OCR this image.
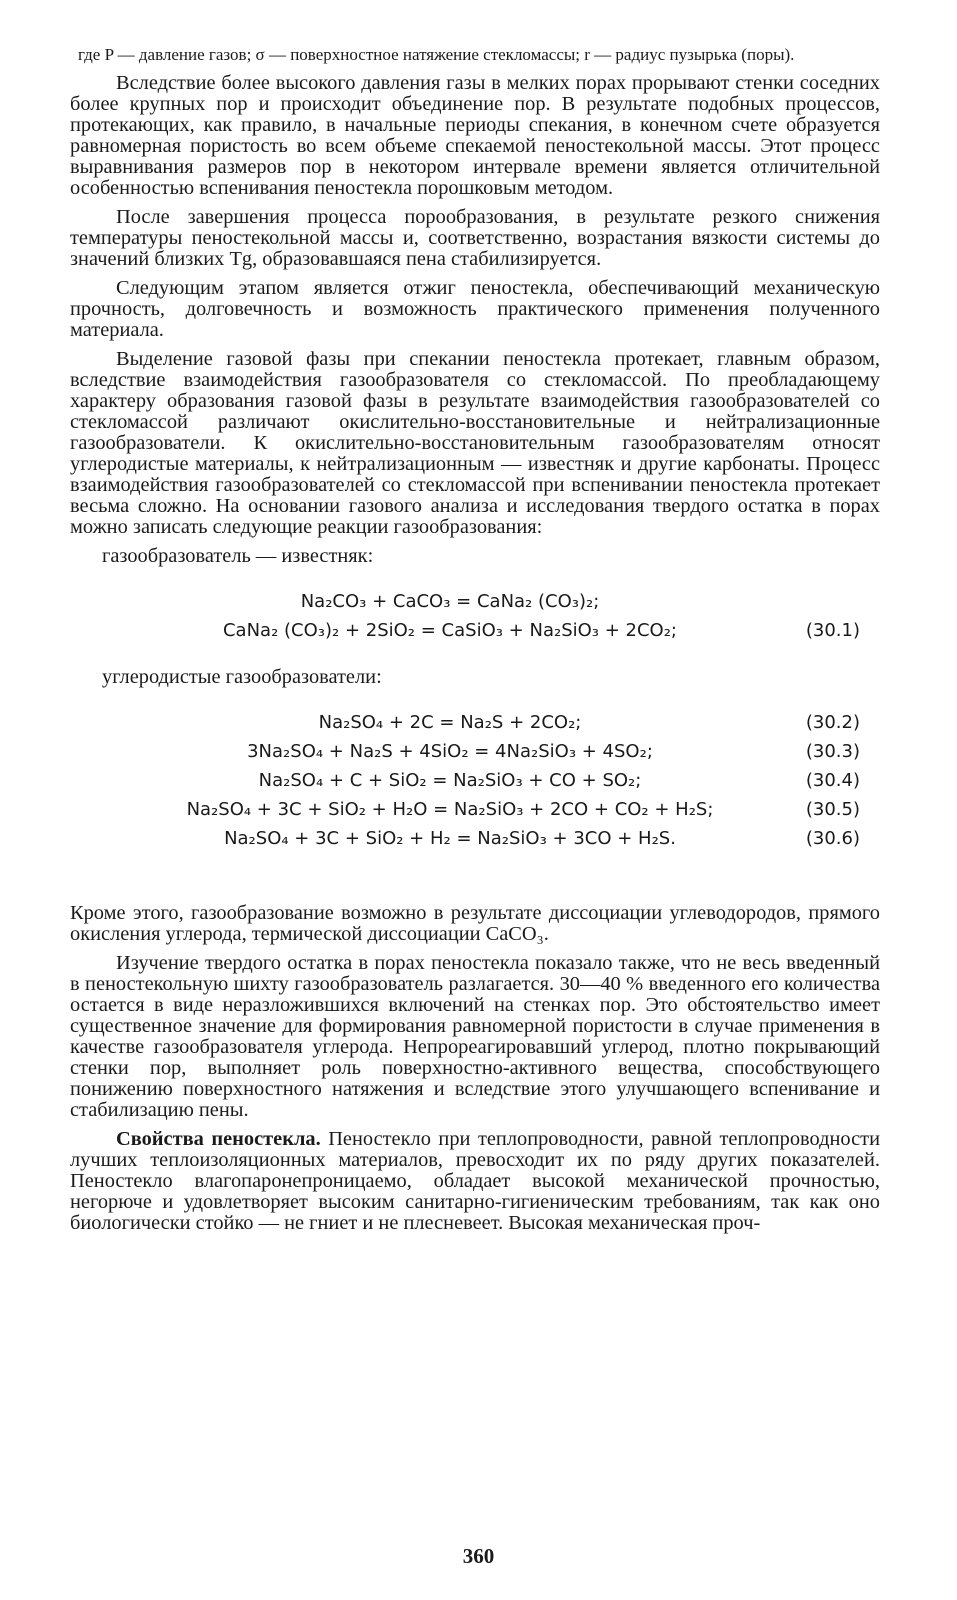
где P — давление газов; σ — поверхностное натяжение стекломассы; r — радиус пузырька (поры).

Вследствие более высокого давления газы в мелких порах прорывают стенки соседних более крупных пор и происходит объединение пор. В результате подобных процессов, протекающих, как правило, в начальные периоды спекания, в конечном счете образуется равномерная пористость во всем объеме спекаемой пеностекольной массы. Этот процесс выравнивания размеров пор в некотором интервале времени является отличительной особенностью вспенивания пеностекла порошковым методом.

После завершения процесса порообразования, в результате резкого снижения температуры пеностекольной массы и, соответственно, возрастания вязкости системы до значений близких Tg, образовавшаяся пена стабилизируется.

Следующим этапом является отжиг пеностекла, обеспечивающий механическую прочность, долговечность и возможность практического применения полученного материала.

Выделение газовой фазы при спекании пеностекла протекает, главным образом, вследствие взаимодействия газообразователя со стекломассой. По преобладающему характеру образования газовой фазы в результате взаимодействия газообразователей со стекломассой различают окислительно-восстановительные и нейтрализационные газообразователи. К окислительно-восстановительным газообразователям относят углеродистые материалы, к нейтрализационным — известняк и другие карбонаты. Процесс взаимодействия газообразователей со стекломассой при вспенивании пеностекла протекает весьма сложно. На основании газового анализа и исследования твердого остатка в порах можно записать следующие реакции газообразования:

газообразователь — известняк:

Na₂CO₃ + CaCO₃ = CaNa₂ (CO₃)₂;
CaNa₂ (CO₃)₂ + 2SiO₂ = CaSiO₃ + Na₂SiO₃ + 2CO₂;	(30.1)

углеродистые газообразователи:

Na₂SO₄ + 2C = Na₂S + 2CO₂;	(30.2)
3Na₂SO₄ + Na₂S + 4SiO₂ = 4Na₂SiO₃ + 4SO₂;	(30.3)
Na₂SO₄ + C + SiO₂ = Na₂SiO₃ + CO + SO₂;	(30.4)
Na₂SO₄ + 3C + SiO₂ + H₂O = Na₂SiO₃ + 2CO + CO₂ + H₂S;	(30.5)
Na₂SO₄ + 3C + SiO₂ + H₂ = Na₂SiO₃ + 3CO + H₂S.	(30.6)

Кроме этого, газообразование возможно в результате диссоциации углеводородов, прямого окисления углерода, термической диссоциации CaCO₃.

Изучение твердого остатка в порах пеностекла показало также, что не весь введенный в пеностекольную шихту газообразователь разлагается. 30—40 % введенного его количества остается в виде неразложившихся включений на стенках пор. Это обстоятельство имеет существенное значение для формирования равномерной пористости в случае применения в качестве газообразователя углерода. Непрореагировавший углерод, плотно покрывающий стенки пор, выполняет роль поверхностно-активного вещества, способствующего понижению поверхностного натяжения и вследствие этого улучшающего вспенивание и стабилизацию пены.

Свойства пеностекла. Пеностекло при теплопроводности, равной теплопроводности лучших теплоизоляционных материалов, превосходит их по ряду других показателей. Пеностекло влагопаронепроницаемо, обладает высокой механической прочностью, негорюче и удовлетворяет высоким санитарно-гигиеническим требованиям, так как оно биологически стойко — не гниет и не плесневеет. Высокая механическая проч-

360
